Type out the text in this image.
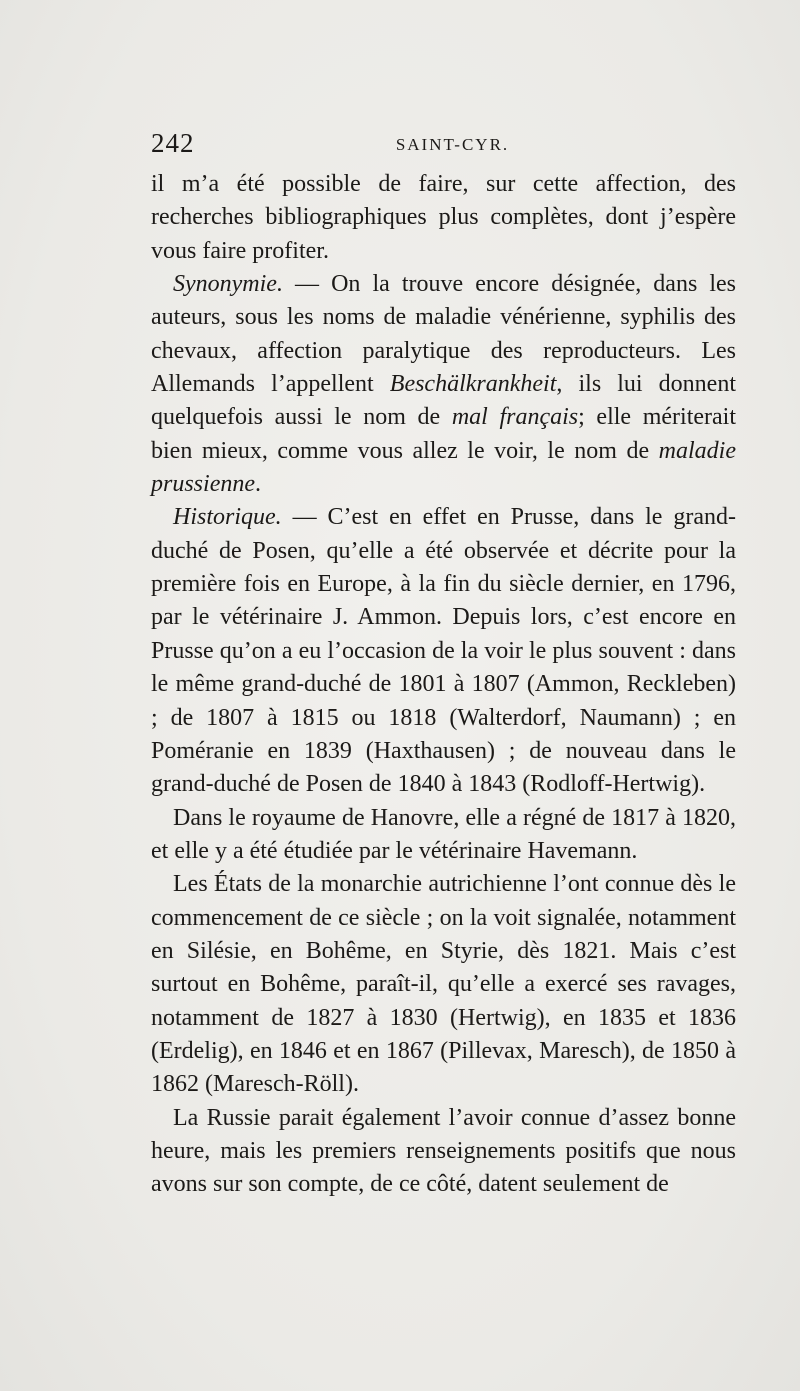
242	SAINT-CYR.

il m’a été possible de faire, sur cette affection, des recherches bibliographiques plus complètes, dont j’espère vous faire profiter.

Synonymie. — On la trouve encore désignée, dans les auteurs, sous les noms de maladie vénérienne, syphilis des chevaux, affection paralytique des reproducteurs. Les Allemands l’appellent Beschälkrankheit, ils lui donnent quelquefois aussi le nom de mal français; elle mériterait bien mieux, comme vous allez le voir, le nom de maladie prussienne.

Historique. — C’est en effet en Prusse, dans le grand-duché de Posen, qu’elle a été observée et décrite pour la première fois en Europe, à la fin du siècle dernier, en 1796, par le vétérinaire J. Ammon. Depuis lors, c’est encore en Prusse qu’on a eu l’occasion de la voir le plus souvent : dans le même grand-duché de 1801 à 1807 (Ammon, Reckleben) ; de 1807 à 1815 ou 1818 (Walterdorf, Naumann) ; en Poméranie en 1839 (Haxthausen) ; de nouveau dans le grand-duché de Posen de 1840 à 1843 (Rodloff-Hertwig).

Dans le royaume de Hanovre, elle a régné de 1817 à 1820, et elle y a été étudiée par le vétérinaire Havemann.

Les États de la monarchie autrichienne l’ont connue dès le commencement de ce siècle ; on la voit signalée, notamment en Silésie, en Bohême, en Styrie, dès 1821. Mais c’est surtout en Bohême, paraît-il, qu’elle a exercé ses ravages, notamment de 1827 à 1830 (Hertwig), en 1835 et 1836 (Erdelig), en 1846 et en 1867 (Pillevax, Maresch), de 1850 à 1862 (Maresch-Röll).

La Russie parait également l’avoir connue d’assez bonne heure, mais les premiers renseignements positifs que nous avons sur son compte, de ce côté, datent seulement de
